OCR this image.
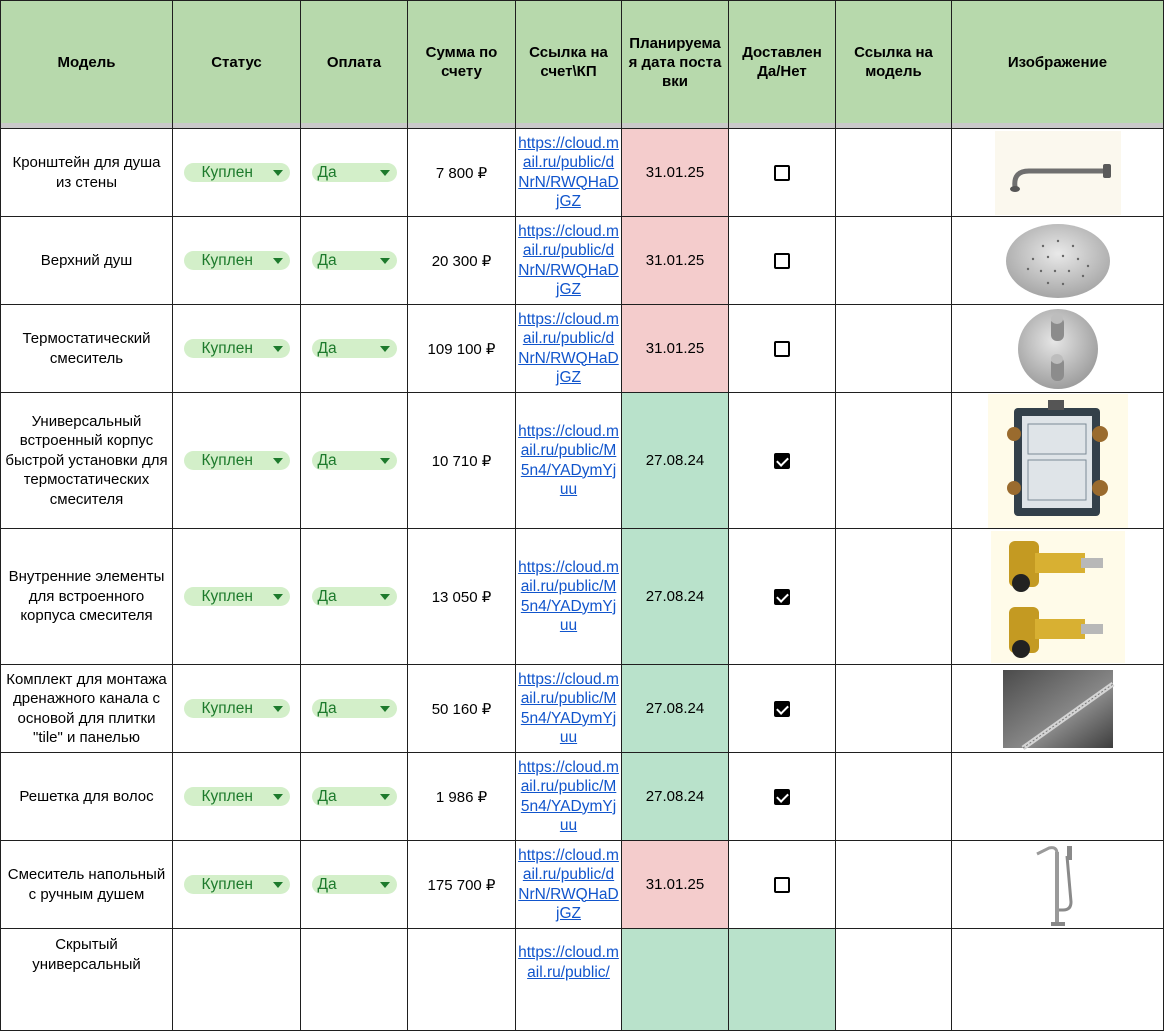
Модель	Статус	Оплата	Сумма по счету	Ссылка на счет\КП	Планируемая дата поставки	Доставлен Да/Нет	Ссылка на модель	Изображение

Кронштейн для душа из стены	Куплен	Да	7 800 ₽	https://cloud.mail.ru/public/dNrN/RWQHaDjGZ	31.01.25			

Верхний душ	Куплен	Да	20 300 ₽	https://cloud.mail.ru/public/dNrN/RWQHaDjGZ	31.01.25			

Термостатический смеситель	Куплен	Да	109 100 ₽	https://cloud.mail.ru/public/dNrN/RWQHaDjGZ	31.01.25			

Универсальный встроенный корпус быстрой установки для термостатических смесителя	Куплен	Да	10 710 ₽	https://cloud.mail.ru/public/M5n4/YADymYjuu	27.08.24			

Внутренние элементы для встроенного корпуса смесителя	Куплен	Да	13 050 ₽	https://cloud.mail.ru/public/M5n4/YADymYjuu	27.08.24			

Комплект для монтажа дренажного канала с основой для плитки "tile" и панелью	Куплен	Да	50 160 ₽	https://cloud.mail.ru/public/M5n4/YADymYjuu	27.08.24			

Решетка для волос	Куплен	Да	1 986 ₽	https://cloud.mail.ru/public/M5n4/YADymYjuu	27.08.24			

Смеситель напольный с ручным душем	Куплен	Да	175 700 ₽	https://cloud.mail.ru/public/dNrN/RWQHaDjGZ	31.01.25			

Скрытый универсальный				https://cloud.mail.ru/public/				
